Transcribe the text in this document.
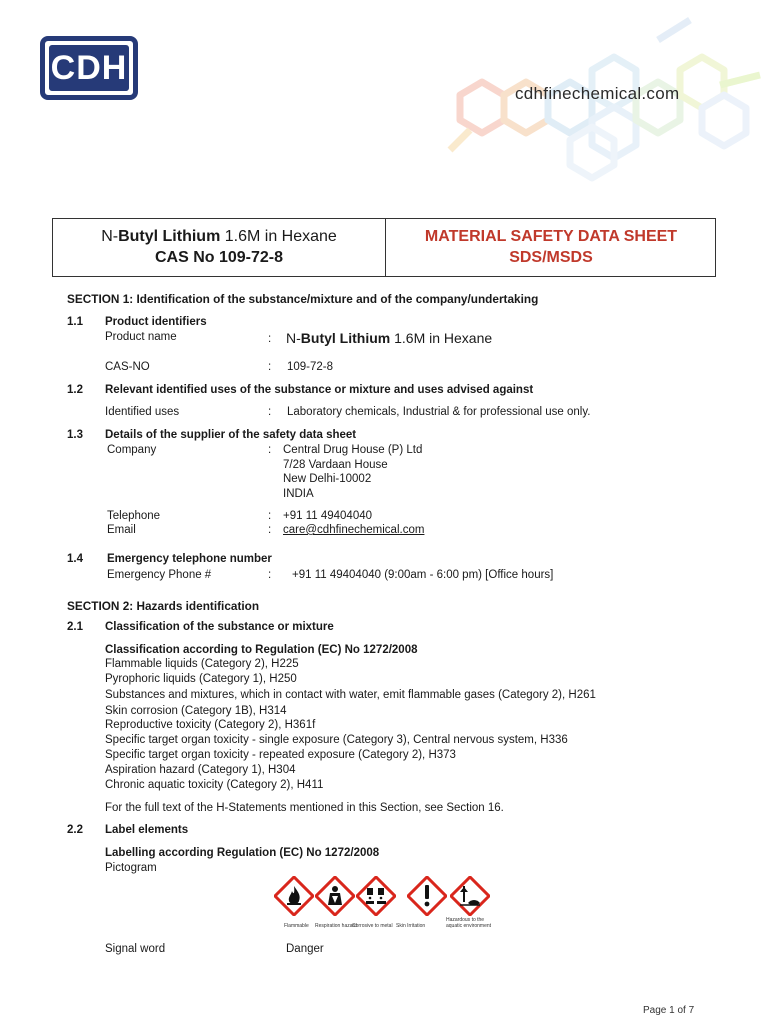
CDH
cdhfinechemical.com
N-Butyl Lithium 1.6M in Hexane
CAS No 109-72-8
MATERIAL SAFETY DATA SHEET
SDS/MSDS
SECTION 1: Identification of the substance/mixture and of the company/undertaking
1.1 Product identifiers
Product name	: N-Butyl Lithium 1.6M in Hexane
CAS-NO	: 109-72-8
1.2 Relevant identified uses of the substance or mixture and uses advised against
Identified uses	: Laboratory chemicals, Industrial & for professional use only.
1.3 Details of the supplier of the safety data sheet
Company	: Central Drug House (P) Ltd
7/28 Vardaan House
New Delhi-10002
INDIA
Telephone	: +91 11 49404040
Email	: care@cdhfinechemical.com
1.4 Emergency telephone number
Emergency Phone #	: +91 11 49404040 (9:00am - 6:00 pm) [Office hours]
SECTION 2: Hazards identification
2.1 Classification of the substance or mixture
Classification according to Regulation (EC) No 1272/2008
Flammable liquids (Category 2), H225
Pyrophoric liquids (Category 1), H250
Substances and mixtures, which in contact with water, emit flammable gases (Category 2), H261
Skin corrosion (Category 1B), H314
Reproductive toxicity (Category 2), H361f
Specific target organ toxicity - single exposure (Category 3), Central nervous system, H336
Specific target organ toxicity - repeated exposure (Category 2), H373
Aspiration hazard (Category 1), H304
Chronic aquatic toxicity (Category 2), H411
For the full text of the H-Statements mentioned in this Section, see Section 16.
2.2 Label elements
Labelling according Regulation (EC) No 1272/2008
Pictogram
Flammable Respiration hazard
Corrosive to metal Skin Irritation
Hazardous to the aquatic environment
Signal word	Danger
Page 1 of 7
